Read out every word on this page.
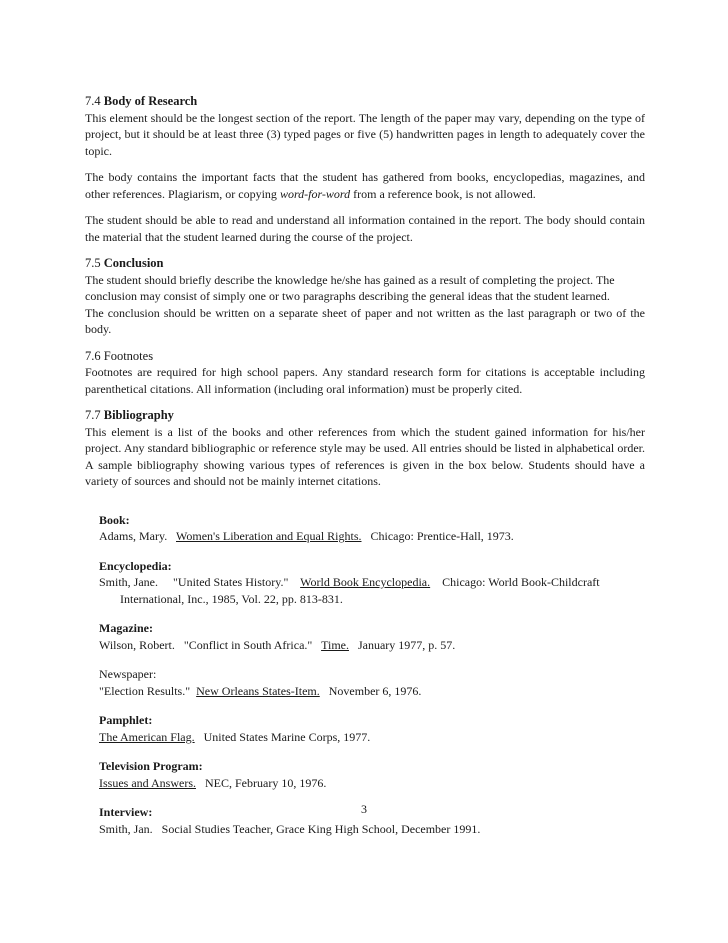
7.4 Body of Research

This element should be the longest section of the report. The length of the paper may vary, depending on the type of project, but it should be at least three (3) typed pages or five (5) handwritten pages in length to adequately cover the topic.

The body contains the important facts that the student has gathered from books, encyclopedias, magazines, and other references. Plagiarism, or copying word-for-word from a reference book, is not allowed.

The student should be able to read and understand all information contained in the report. The body should contain the material that the student learned during the course of the project.

7.5 Conclusion

The student should briefly describe the knowledge he/she has gained as a result of completing the project. The conclusion may consist of simply one or two paragraphs describing the general ideas that the student learned.

The conclusion should be written on a separate sheet of paper and not written as the last paragraph or two of the body.

7.6 Footnotes

Footnotes are required for high school papers. Any standard research form for citations is acceptable including parenthetical citations. All information (including oral information) must be properly cited.

7.7 Bibliography

This element is a list of the books and other references from which the student gained information for his/her project. Any standard bibliographic or reference style may be used. All entries should be listed in alphabetical order. A sample bibliography showing various types of references is given in the box below. Students should have a variety of sources and should not be mainly internet citations.

Book:

Adams, Mary.   Women's Liberation and Equal Rights.   Chicago: Prentice-Hall, 1973.

Encyclopedia:

Smith, Jane.     "United States History."    World Book Encyclopedia.    Chicago: World Book-Childcraft

International, Inc., 1985, Vol. 22, pp. 813-831.

Magazine:

Wilson, Robert.   "Conflict in South Africa."   Time.   January 1977, p. 57.

Newspaper:

"Election Results."  New Orleans States-Item.   November 6, 1976.

Pamphlet:

The American Flag.   United States Marine Corps, 1977.

Television Program:

Issues and Answers.   NEC, February 10, 1976.

Interview:

Smith, Jan.   Social Studies Teacher, Grace King High School, December 1991.

3
